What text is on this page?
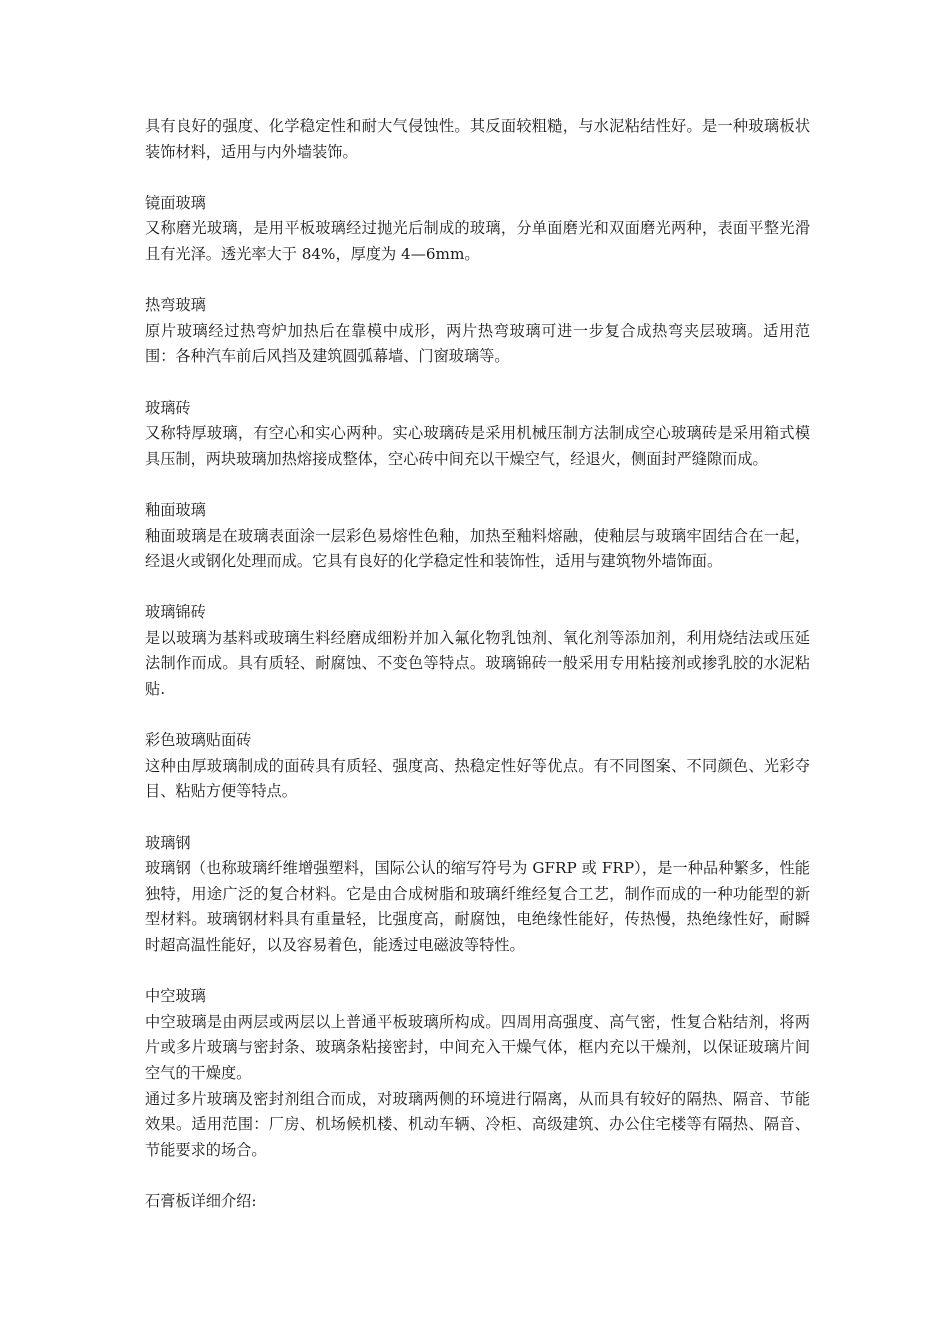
具有良好的强度、化学稳定性和耐大气侵蚀性。其反面较粗糙，与水泥粘结性好。是一种玻璃板状装饰材料，适用与内外墙装饰。

镜面玻璃

又称磨光玻璃，是用平板玻璃经过抛光后制成的玻璃，分单面磨光和双面磨光两种，表面平整光滑且有光泽。透光率大于 84%，厚度为 4—6mm。

热弯玻璃

原片玻璃经过热弯炉加热后在靠模中成形，两片热弯玻璃可进一步复合成热弯夹层玻璃。适用范围：各种汽车前后风挡及建筑圆弧幕墙、门窗玻璃等。

玻璃砖

又称特厚玻璃，有空心和实心两种。实心玻璃砖是采用机械压制方法制成空心玻璃砖是采用箱式模具压制，两块玻璃加热熔接成整体，空心砖中间充以干燥空气，经退火，侧面封严缝隙而成。

釉面玻璃

釉面玻璃是在玻璃表面涂一层彩色易熔性色釉，加热至釉料熔融，使釉层与玻璃牢固结合在一起，经退火或钢化处理而成。它具有良好的化学稳定性和装饰性，适用与建筑物外墙饰面。

玻璃锦砖

是以玻璃为基料或玻璃生料经磨成细粉并加入氟化物乳蚀剂、氧化剂等添加剂，利用烧结法或压延法制作而成。具有质轻、耐腐蚀、不变色等特点。玻璃锦砖一般采用专用粘接剂或掺乳胶的水泥粘贴.

彩色玻璃贴面砖

这种由厚玻璃制成的面砖具有质轻、强度高、热稳定性好等优点。有不同图案、不同颜色、光彩夺目、粘贴方便等特点。

玻璃钢

玻璃钢（也称玻璃纤维增强塑料，国际公认的缩写符号为 GFRP 或 FRP），是一种品种繁多，性能独特，用途广泛的复合材料。它是由合成树脂和玻璃纤维经复合工艺，制作而成的一种功能型的新型材料。玻璃钢材料具有重量轻，比强度高，耐腐蚀，电绝缘性能好，传热慢，热绝缘性好，耐瞬时超高温性能好，以及容易着色，能透过电磁波等特性。

中空玻璃

中空玻璃是由两层或两层以上普通平板玻璃所构成。四周用高强度、高气密，性复合粘结剂，将两片或多片玻璃与密封条、玻璃条粘接密封，中间充入干燥气体，框内充以干燥剂，以保证玻璃片间空气的干燥度。

通过多片玻璃及密封剂组合而成，对玻璃两侧的环境进行隔离，从而具有较好的隔热、隔音、节能效果。适用范围：厂房、机场候机楼、机动车辆、冷柜、高级建筑、办公住宅楼等有隔热、隔音、节能要求的场合。

石膏板详细介绍:
